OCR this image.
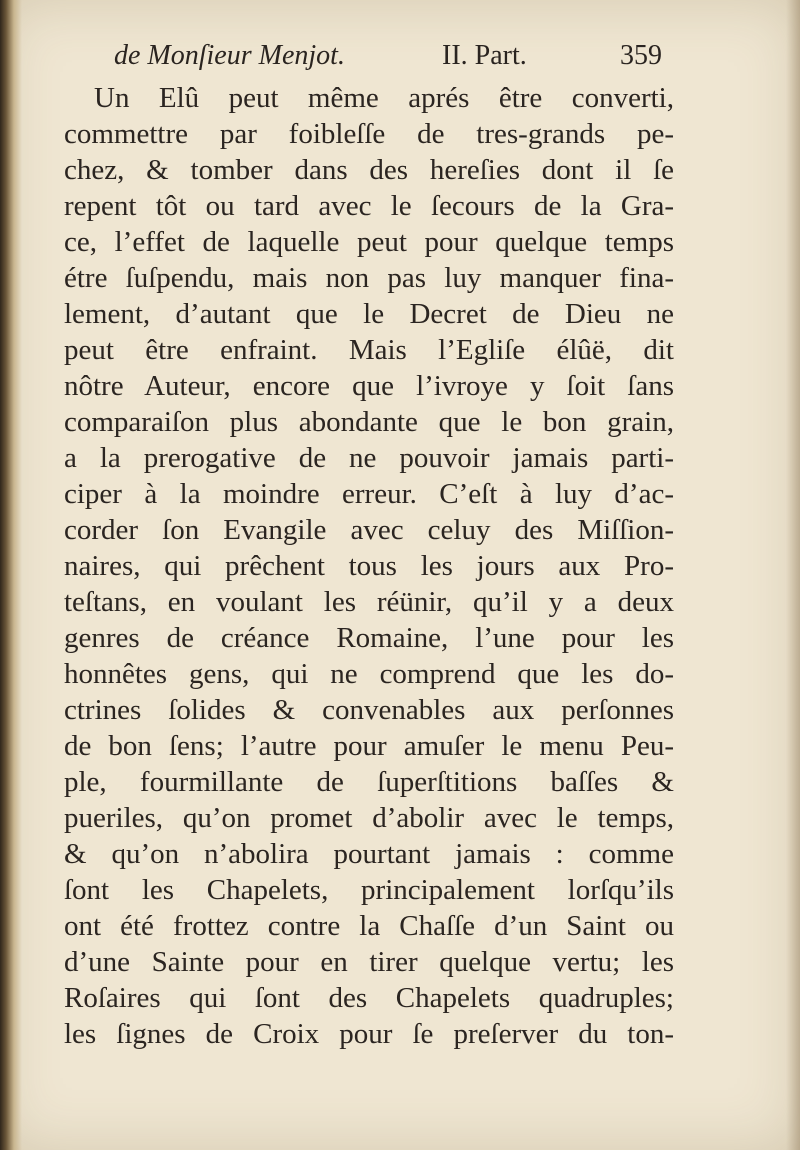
de Monſieur Menjot.	II. Part.	359
Un Elû peut même aprés être converti,
commettre par foibleſſe de tres-grands pe-
chez, & tomber dans des hereſies dont il ſe
repent tôt ou tard avec le ſecours de la Gra-
ce, l’effet de laquelle peut pour quelque temps
étre ſuſpendu, mais non pas luy manquer fina-
lement, d’autant que le Decret de Dieu ne
peut être enfraint. Mais l’Egliſe élûë, dit
nôtre Auteur, encore que l’ivroye y ſoit ſans
comparaiſon plus abondante que le bon grain,
a la prerogative de ne pouvoir jamais parti-
ciper à la moindre erreur. C’eſt à luy d’ac-
corder ſon Evangile avec celuy des Miſſion-
naires, qui prêchent tous les jours aux Pro-
teſtans, en voulant les réünir, qu’il y a deux
genres de créance Romaine, l’une pour les
honnêtes gens, qui ne comprend que les do-
ctrines ſolides & convenables aux perſonnes
de bon ſens; l’autre pour amuſer le menu Peu-
ple, fourmillante de ſuperſtitions baſſes &
pueriles, qu’on promet d’abolir avec le temps,
& qu’on n’abolira pourtant jamais : comme
ſont les Chapelets, principalement lorſqu’ils
ont été frottez contre la Chaſſe d’un Saint ou
d’une Sainte pour en tirer quelque vertu; les
Roſaires qui ſont des Chapelets quadruples;
les ſignes de Croix pour ſe preſerver du ton-
